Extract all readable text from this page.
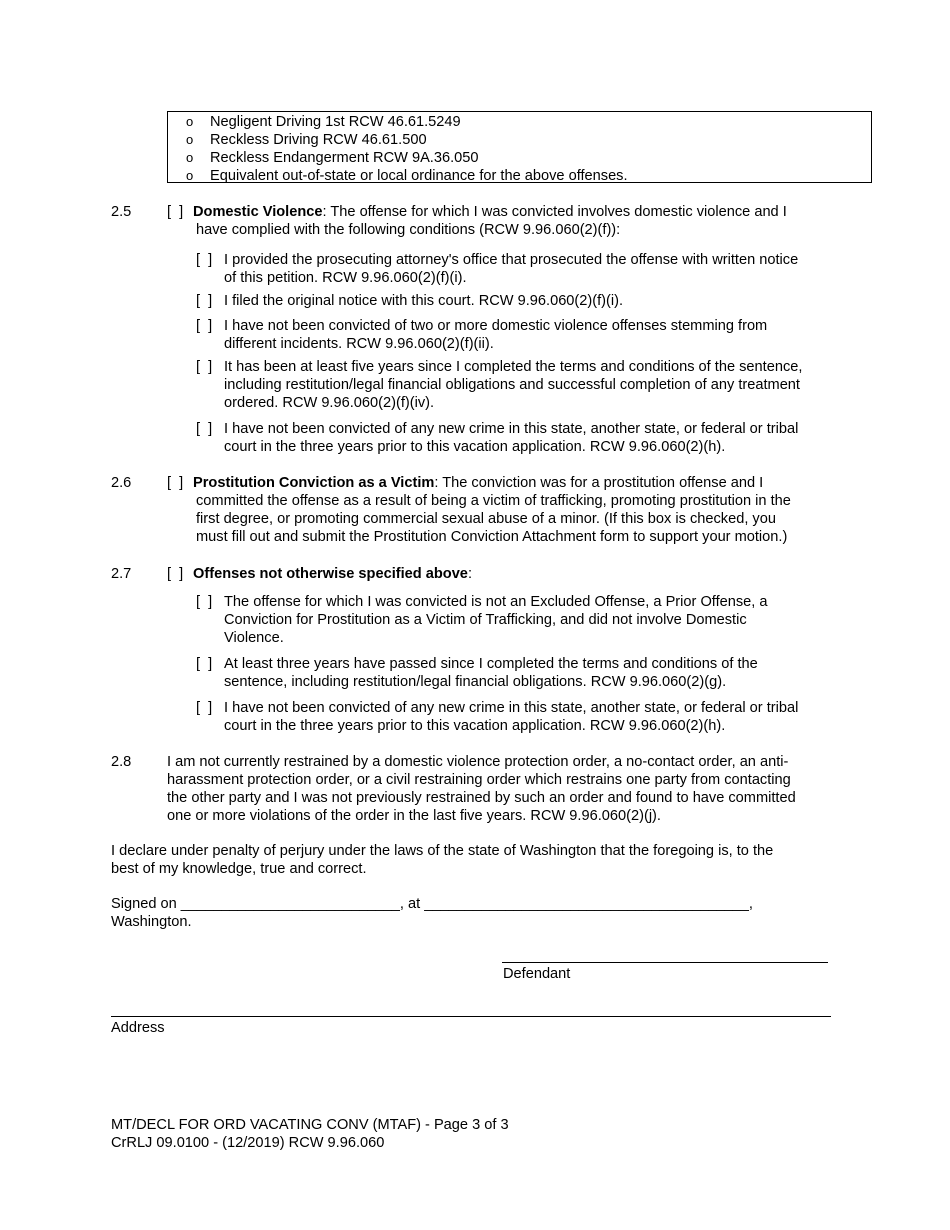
o Negligent Driving 1st RCW 46.61.5249
o Reckless Driving RCW 46.61.500
o Reckless Endangerment RCW 9A.36.050
o Equivalent out-of-state or local ordinance for the above offenses.
2.5 [  ] Domestic Violence: The offense for which I was convicted involves domestic violence and I
have complied with the following conditions (RCW 9.96.060(2)(f)):
[  ] I provided the prosecuting attorney's office that prosecuted the offense with written notice
of this petition. RCW 9.96.060(2)(f)(i).
[  ] I filed the original notice with this court. RCW 9.96.060(2)(f)(i).
[  ] I have not been convicted of two or more domestic violence offenses stemming from
different incidents. RCW 9.96.060(2)(f)(ii).
[  ] It has been at least five years since I completed the terms and conditions of the sentence,
including restitution/legal financial obligations and successful completion of any treatment
ordered. RCW 9.96.060(2)(f)(iv).
[  ] I have not been convicted of any new crime in this state, another state, or federal or tribal
court in the three years prior to this vacation application. RCW 9.96.060(2)(h).
2.6 [  ] Prostitution Conviction as a Victim: The conviction was for a prostitution offense and I
committed the offense as a result of being a victim of trafficking, promoting prostitution in the
first degree, or promoting commercial sexual abuse of a minor. (If this box is checked, you
must fill out and submit the Prostitution Conviction Attachment form to support your motion.)
2.7 [  ] Offenses not otherwise specified above:
[  ] The offense for which I was convicted is not an Excluded Offense, a Prior Offense, a
Conviction for Prostitution as a Victim of Trafficking, and did not involve Domestic
Violence.
[  ] At least three years have passed since I completed the terms and conditions of the
sentence, including restitution/legal financial obligations. RCW 9.96.060(2)(g).
[  ] I have not been convicted of any new crime in this state, another state, or federal or tribal
court in the three years prior to this vacation application. RCW 9.96.060(2)(h).
2.8 I am not currently restrained by a domestic violence protection order, a no-contact order, an anti-
harassment protection order, or a civil restraining order which restrains one party from contacting
the other party and I was not previously restrained by such an order and found to have committed
one or more violations of the order in the last five years. RCW 9.96.060(2)(j).
I declare under penalty of perjury under the laws of the state of Washington that the foregoing is, to the
best of my knowledge, true and correct.
Signed on ___________________________, at ________________________________________,
Washington.
Defendant
Address
MT/DECL FOR ORD VACATING CONV (MTAF) - Page 3 of 3
CrRLJ 09.0100 - (12/2019) RCW 9.96.060
